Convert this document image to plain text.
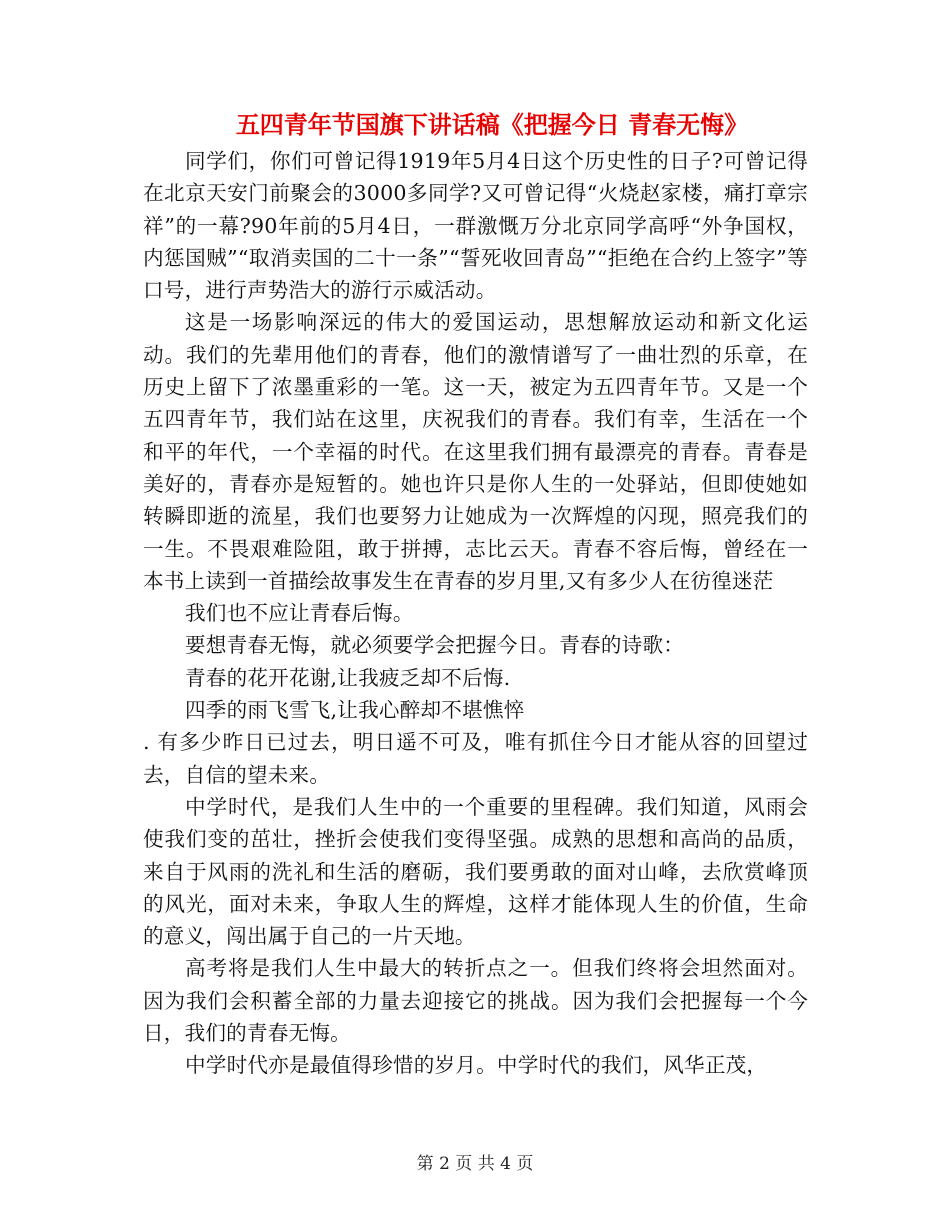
五四青年节国旗下讲话稿《把握今日 青春无悔》

同学们，你们可曾记得1919年5月4日这个历史性的日子?可曾记得在北京天安门前聚会的3000多同学?又可曾记得“火烧赵家楼，痛打章宗祥”的一幕?90年前的5月4日，一群激慨万分北京同学高呼“外争国权，内惩国贼”“取消卖国的二十一条”“誓死收回青岛”“拒绝在合约上签字”等口号，进行声势浩大的游行示威活动。

这是一场影响深远的伟大的爱国运动，思想解放运动和新文化运动。我们的先辈用他们的青春，他们的激情谱写了一曲壮烈的乐章，在历史上留下了浓墨重彩的一笔。这一天，被定为五四青年节。又是一个五四青年节，我们站在这里，庆祝我们的青春。我们有幸，生活在一个和平的年代，一个幸福的时代。在这里我们拥有最漂亮的青春。青春是美好的，青春亦是短暂的。她也许只是你人生的一处驿站，但即使她如转瞬即逝的流星，我们也要努力让她成为一次辉煌的闪现，照亮我们的一生。不畏艰难险阻，敢于拼搏，志比云天。青春不容后悔，曾经在一本书上读到一首描绘故事发生在青春的岁月里,又有多少人在彷徨迷茫

我们也不应让青春后悔。

要想青春无悔，就必须要学会把握今日。青春的诗歌：

青春的花开花谢,让我疲乏却不后悔.

四季的雨飞雪飞,让我心醉却不堪憔悴

. 有多少昨日已过去，明日遥不可及，唯有抓住今日才能从容的回望过去，自信的望未来。

中学时代，是我们人生中的一个重要的里程碑。我们知道，风雨会使我们变的茁壮，挫折会使我们变得坚强。成熟的思想和高尚的品质，来自于风雨的洗礼和生活的磨砺，我们要勇敢的面对山峰，去欣赏峰顶的风光，面对未来，争取人生的辉煌，这样才能体现人生的价值，生命的意义，闯出属于自己的一片天地。

高考将是我们人生中最大的转折点之一。但我们终将会坦然面对。因为我们会积蓄全部的力量去迎接它的挑战。因为我们会把握每一个今日，我们的青春无悔。

中学时代亦是最值得珍惜的岁月。中学时代的我们，风华正茂，

第 2 页 共 4 页
